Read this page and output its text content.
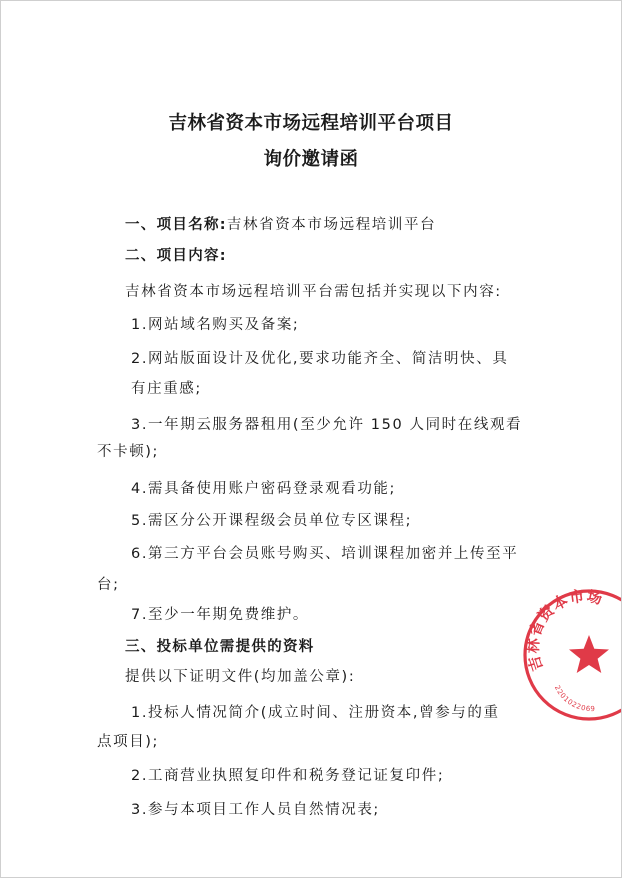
吉林省资本市场远程培训平台项目
询价邀请函
一、项目名称:吉林省资本市场远程培训平台
二、项目内容:
吉林省资本市场远程培训平台需包括并实现以下内容:
1.网站域名购买及备案;
2.网站版面设计及优化,要求功能齐全、简洁明快、具
有庄重感;
3.一年期云服务器租用(至少允许 150 人同时在线观看
不卡顿);
4.需具备使用账户密码登录观看功能;
5.需区分公开课程级会员单位专区课程;
6.第三方平台会员账号购买、培训课程加密并上传至平
台;
7.至少一年期免费维护。
三、投标单位需提供的资料
提供以下证明文件(均加盖公章):
1.投标人情况简介(成立时间、注册资本,曾参与的重
点项目);
2.工商营业执照复印件和税务登记证复印件;
3.参与本项目工作人员自然情况表;
吉林省资本市场
2201022069
